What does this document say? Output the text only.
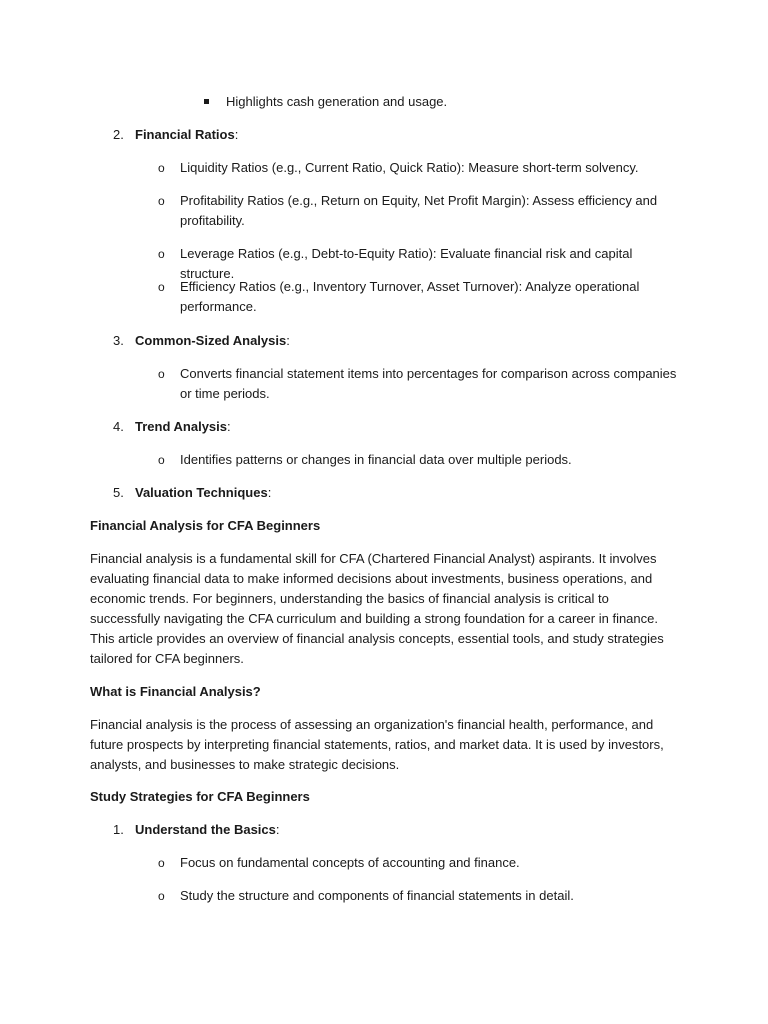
Highlights cash generation and usage.
2. Financial Ratios:
o	Liquidity Ratios (e.g., Current Ratio, Quick Ratio): Measure short-term solvency.
o	Profitability Ratios (e.g., Return on Equity, Net Profit Margin): Assess efficiency and profitability.
o	Leverage Ratios (e.g., Debt-to-Equity Ratio): Evaluate financial risk and capital structure.
o	Efficiency Ratios (e.g., Inventory Turnover, Asset Turnover): Analyze operational performance.
3. Common-Sized Analysis:
o	Converts financial statement items into percentages for comparison across companies or time periods.
4. Trend Analysis:
o	Identifies patterns or changes in financial data over multiple periods.
5. Valuation Techniques:
Financial Analysis for CFA Beginners
Financial analysis is a fundamental skill for CFA (Chartered Financial Analyst) aspirants. It involves evaluating financial data to make informed decisions about investments, business operations, and economic trends. For beginners, understanding the basics of financial analysis is critical to successfully navigating the CFA curriculum and building a strong foundation for a career in finance. This article provides an overview of financial analysis concepts, essential tools, and study strategies tailored for CFA beginners.
What is Financial Analysis?
Financial analysis is the process of assessing an organization's financial health, performance, and future prospects by interpreting financial statements, ratios, and market data. It is used by investors, analysts, and businesses to make strategic decisions.
Study Strategies for CFA Beginners
1. Understand the Basics:
o	Focus on fundamental concepts of accounting and finance.
o	Study the structure and components of financial statements in detail.
